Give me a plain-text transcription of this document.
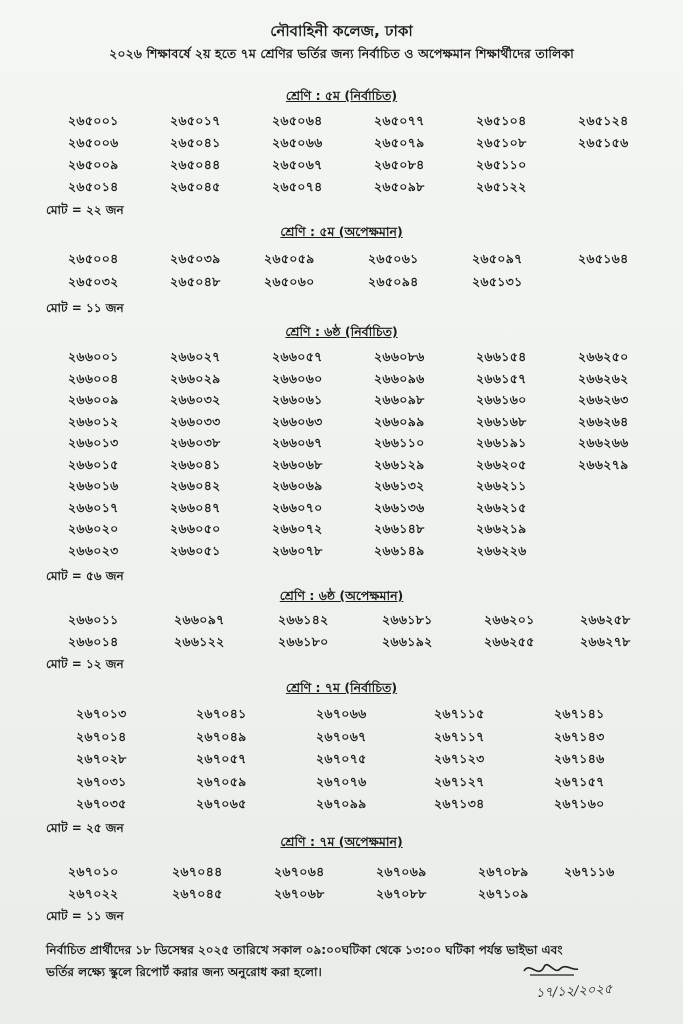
নৌবাহিনী কলেজ, ঢাকা
২০২৬ শিক্ষাবর্ষে ২য় হতে ৭ম শ্রেণির ভর্তির জন্য নির্বাচিত ও অপেক্ষমান শিক্ষার্থীদের তালিকা
শ্রেণি : ৫ম (নির্বাচিত)
২৬৫০০১
২৬৫০০৬
২৬৫০০৯
২৬৫০১৪
২৬৫০১৭
২৬৫০৪১
২৬৫০৪৪
২৬৫০৪৫
২৬৫০৬৪
২৬৫০৬৬
২৬৫০৬৭
২৬৫০৭৪
২৬৫০৭৭
২৬৫০৭৯
২৬৫০৮৪
২৬৫০৯৮
২৬৫১০৪
২৬৫১০৮
২৬৫১১০
২৬৫১২২
২৬৫১২৪
২৬৫১৫৬
মোট = ২২ জন
শ্রেণি : ৫ম (অপেক্ষমান)
২৬৫০০৪
২৬৫০৩২
২৬৫০৩৯
২৬৫০৪৮
২৬৫০৫৯
২৬৫০৬০
২৬৫০৬১
২৬৫০৯৪
২৬৫০৯৭
২৬৫১৩১
২৬৫১৬৪
মোট = ১১ জন
শ্রেণি : ৬ষ্ঠ (নির্বাচিত)
২৬৬০০১
২৬৬০০৪
২৬৬০০৯
২৬৬০১২
২৬৬০১৩
২৬৬০১৫
২৬৬০১৬
২৬৬০১৭
২৬৬০২০
২৬৬০২৩
২৬৬০২৭
২৬৬০২৯
২৬৬০৩২
২৬৬০৩৩
২৬৬০৩৮
২৬৬০৪১
২৬৬০৪২
২৬৬০৪৭
২৬৬০৫০
২৬৬০৫১
২৬৬০৫৭
২৬৬০৬০
২৬৬০৬১
২৬৬০৬৩
২৬৬০৬৭
২৬৬০৬৮
২৬৬০৬৯
২৬৬০৭০
২৬৬০৭২
২৬৬০৭৮
২৬৬০৮৬
২৬৬০৯৬
২৬৬০৯৮
২৬৬০৯৯
২৬৬১১০
২৬৬১২৯
২৬৬১৩২
২৬৬১৩৬
২৬৬১৪৮
২৬৬১৪৯
২৬৬১৫৪
২৬৬১৫৭
২৬৬১৬০
২৬৬১৬৮
২৬৬১৯১
২৬৬২০৫
২৬৬২১১
২৬৬২১৫
২৬৬২১৯
২৬৬২২৬
২৬৬২৫০
২৬৬২৬২
২৬৬২৬৩
২৬৬২৬৪
২৬৬২৬৬
২৬৬২৭৯
মোট = ৫৬ জন
শ্রেণি : ৬ষ্ঠ (অপেক্ষমান)
২৬৬০১১
২৬৬০১৪
২৬৬০৯৭
২৬৬১২২
২৬৬১৪২
২৬৬১৮০
২৬৬১৮১
২৬৬১৯২
২৬৬২০১
২৬৬২৫৫
২৬৬২৫৮
২৬৬২৭৮
মোট = ১২ জন
শ্রেণি : ৭ম (নির্বাচিত)
২৬৭০১৩
২৬৭০১৪
২৬৭০২৮
২৬৭০৩১
২৬৭০৩৫
২৬৭০৪১
২৬৭০৪৯
২৬৭০৫৭
২৬৭০৫৯
২৬৭০৬৫
২৬৭০৬৬
২৬৭০৬৭
২৬৭০৭৫
২৬৭০৭৬
২৬৭০৯৯
২৬৭১১৫
২৬৭১১৭
২৬৭১২৩
২৬৭১২৭
২৬৭১৩৪
২৬৭১৪১
২৬৭১৪৩
২৬৭১৪৬
২৬৭১৫৭
২৬৭১৬০
মোট = ২৫ জন
শ্রেণি : ৭ম (অপেক্ষমান)
২৬৭০১০
২৬৭০২২
২৬৭০৪৪
২৬৭০৪৫
২৬৭০৬৪
২৬৭০৬৮
২৬৭০৬৯
২৬৭০৮৮
২৬৭০৮৯
২৬৭১০৯
২৬৭১১৬
মোট = ১১ জন
নির্বাচিত প্রার্থীদের ১৮ ডিসেম্বর ২০২৫ তারিখে সকাল ০৯:০০ঘটিকা থেকে ১৩:০০ ঘটিকা পর্যন্ত ভাইভা এবং
ভর্তির লক্ষ্যে স্কুলে রিপোর্ট করার জন্য অনুরোধ করা হলো।
১৭/১২/২০২৫
